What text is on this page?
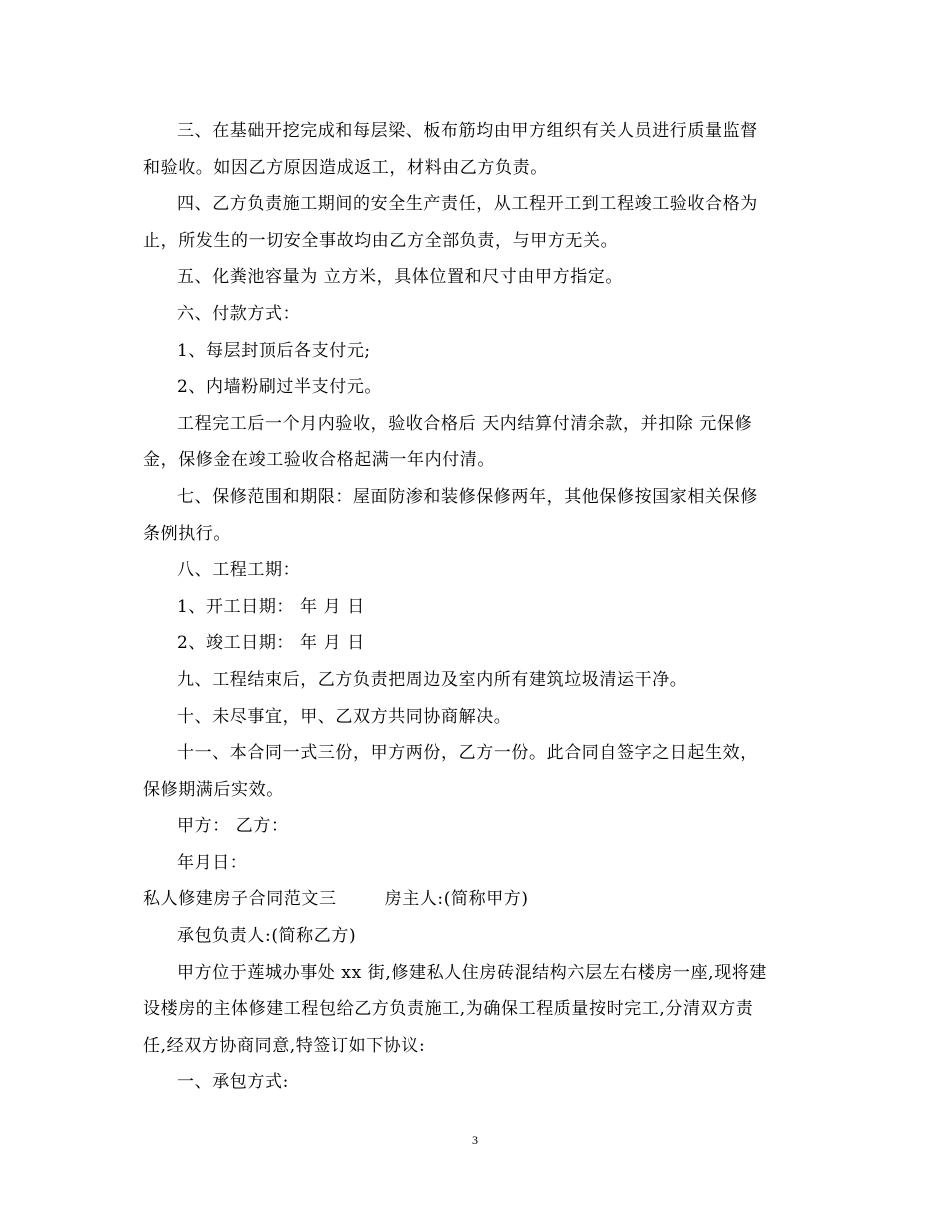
三、在基础开挖完成和每层梁、板布筋均由甲方组织有关人员进行质量监督
和验收。如因乙方原因造成返工，材料由乙方负责。
四、乙方负责施工期间的安全生产责任，从工程开工到工程竣工验收合格为
止，所发生的一切安全事故均由乙方全部负责，与甲方无关。
五、化粪池容量为 立方米，具体位置和尺寸由甲方指定。
六、付款方式：
1、每层封顶后各支付元;
2、内墙粉刷过半支付元。
工程完工后一个月内验收，验收合格后 天内结算付清余款，并扣除 元保修
金，保修金在竣工验收合格起满一年内付清。
七、保修范围和期限：屋面防渗和装修保修两年，其他保修按国家相关保修
条例执行。
八、工程工期：
1、开工日期： 年 月 日
2、竣工日期： 年 月 日
九、工程结束后，乙方负责把周边及室内所有建筑垃圾清运干净。
十、未尽事宜，甲、乙双方共同协商解决。
十一、本合同一式三份，甲方两份，乙方一份。此合同自签字之日起生效，
保修期满后实效。
甲方： 乙方：
年月日：
私人修建房子合同范文三        房主人:(简称甲方)
承包负责人:(简称乙方)
甲方位于莲城办事处 xx 街,修建私人住房砖混结构六层左右楼房一座,现将建
设楼房的主体修建工程包给乙方负责施工,为确保工程质量按时完工,分清双方责
任,经双方协商同意,特签订如下协议:
一、承包方式:
3
